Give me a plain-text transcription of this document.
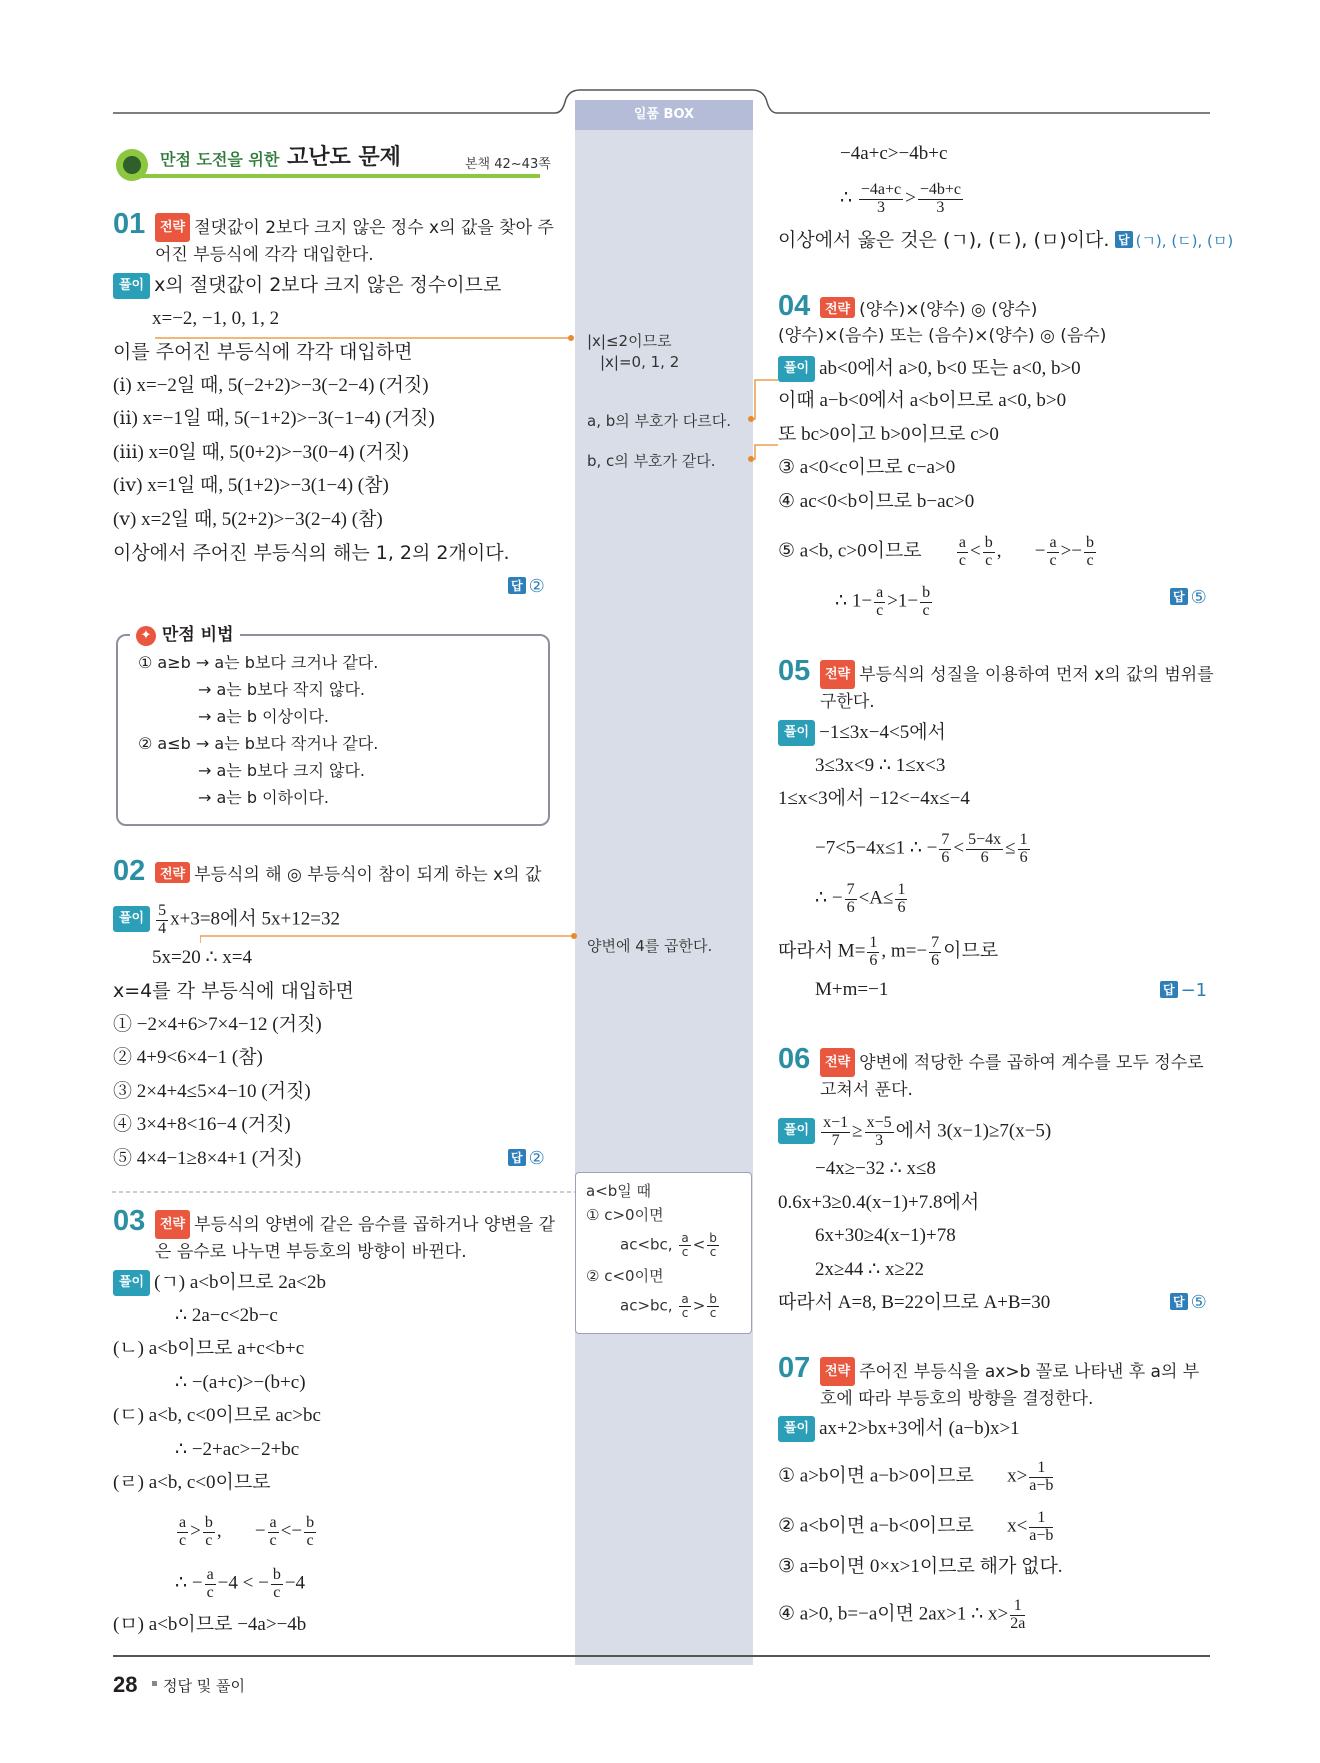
일품 BOX
만점 도전을 위한 고난도 문제	본책 42~43쪽
01	전략 절댓값이 2보다 크지 않은 정수 x의 값을 찾아 주어진 부등식에 각각 대입한다.
풀이 x의 절댓값이 2보다 크지 않은 정수이므로
x=−2, −1, 0, 1, 2
이를 주어진 부등식에 각각 대입하면
(ⅰ) x=−2일 때, 5(−2+2)>−3(−2−4) (거짓)
(ⅱ) x=−1일 때, 5(−1+2)>−3(−1−4) (거짓)
(ⅲ) x=0일 때, 5(0+2)>−3(0−4) (거짓)
(ⅳ) x=1일 때, 5(1+2)>−3(1−4) (참)
(ⅴ) x=2일 때, 5(2+2)>−3(2−4) (참)
이상에서 주어진 부등식의 해는 1, 2의 2개이다.
답 ②
✦ 만점 비법
① a≥b → a는 b보다 크거나 같다.
→ a는 b보다 작지 않다.
→ a는 b 이상이다.
② a≤b → a는 b보다 작거나 같다.
→ a는 b보다 크지 않다.
→ a는 b 이하이다.
02	전략 부등식의 해 ◎ 부등식이 참이 되게 하는 x의 값
풀이 $\frac{5}{4} x+3=8$에서 5x+12=32
5x=20 ∴ x=4
x=4를 각 부등식에 대입하면
① −2×4+6>7×4−12 (거짓)
② 4+9<6×4−1 (참)
③ 2×4+4≤5×4−10 (거짓)
④ 3×4+8<16−4 (거짓)
⑤ 4×4−1≥8×4+1 (거짓)	답 ②
03	전략 부등식의 양변에 같은 음수를 곱하거나 양변을 같은 음수로 나누면 부등호의 방향이 바뀐다.
풀이 (ㄱ) a<b이므로 2a<2b
∴ 2a−c<2b−c
(ㄴ) a<b이므로 a+c<b+c
∴ −(a+c)>−(b+c)
(ㄷ) a<b, c<0이므로 ac>bc
∴ −2+ac>−2+bc
(ㄹ) a<b, c<0이므로
$\frac{a}{c} > \frac{b}{c}$ ,       − $\frac{a}{c} <- \frac{b}{c}$
∴ − $\frac{a}{c} -4$ < − $\frac{b}{c} -4$
(ㅁ) a<b이므로 −4a>−4b
−4a+c>−4b+c
∴ $\frac{-4a+c}{3} > \frac{-4b+c}{3}$
이상에서 옳은 것은 (ㄱ), (ㄷ), (ㅁ)이다. 답 (ㄱ), (ㄷ), (ㅁ)
04	전략 (양수)×(양수) ◎ (양수)
(양수)×(음수) 또는 (음수)×(양수) ◎ (음수)
풀이 ab<0에서 a>0, b<0 또는 a<0, b>0
이때 a−b<0에서 a<b이므로 a<0, b>0
또 bc>0이고 b>0이므로 c>0
③ a<0<c이므로 c−a>0
④ ac<0<b이므로 b−ac>0
⑤ a<b, c>0이므로 $\frac{a}{c} < \frac{b}{c}$ ,       − $\frac{a}{c} >- \frac{b}{c}$
∴ $1- \frac{a}{c} >1- \frac{b}{c}$	답 ⑤
05	전략 부등식의 성질을 이용하여 먼저 x의 값의 범위를 구한다.
풀이 −1≤3x−4<5에서
3≤3x<9 ∴ 1≤x<3
1≤x<3에서 −12<−4x≤−4
−7<5−4x≤1 ∴ − $\frac{7}{6} < \frac{5-4x}{6} \le \frac{1}{6}$
∴ − $\frac{7}{6} <A\le \frac{1}{6}$
따라서 $M= \frac{1}{6}$ , $m=- \frac{7}{6}$ 이므로
M+m=−1	답 −1
06	전략 양변에 적당한 수를 곱하여 계수를 모두 정수로 고쳐서 푼다.
풀이 $\frac{x-1}{7} \ge \frac{x-5}{3}$ 에서 3(x−1)≥7(x−5)
−4x≥−32 ∴ x≤8
0.6x+3≥0.4(x−1)+7.8에서
6x+30≥4(x−1)+78
2x≥44 ∴ x≥22
따라서 A=8, B=22이므로 A+B=30	답 ⑤
07	전략 주어진 부등식을 ax>b 꼴로 나타낸 후 a의 부호에 따라 부등호의 방향을 결정한다.
풀이 ax+2>bx+3에서 (a−b)x>1
① a>b이면 a−b>0이므로       $x> \frac{1}{a-b}$
② a<b이면 a−b<0이므로       $x< \frac{1}{a-b}$
③ a=b이면 0×x>1이므로 해가 없다.
④ a>0, b=−a이면 2ax>1 ∴ $x> \frac{1}{2a}$
|x|≤2이므로
|x|=0, 1, 2
a, b의 부호가 다르다.
b, c의 부호가 같다.
양변에 4를 곱한다.
a<b일 때
① c>0이면
ac<bc, $\frac{a}{c} < \frac{b}{c}$
② c<0이면
ac>bc, $\frac{a}{c} > \frac{b}{c}$
28 정답 및 풀이
